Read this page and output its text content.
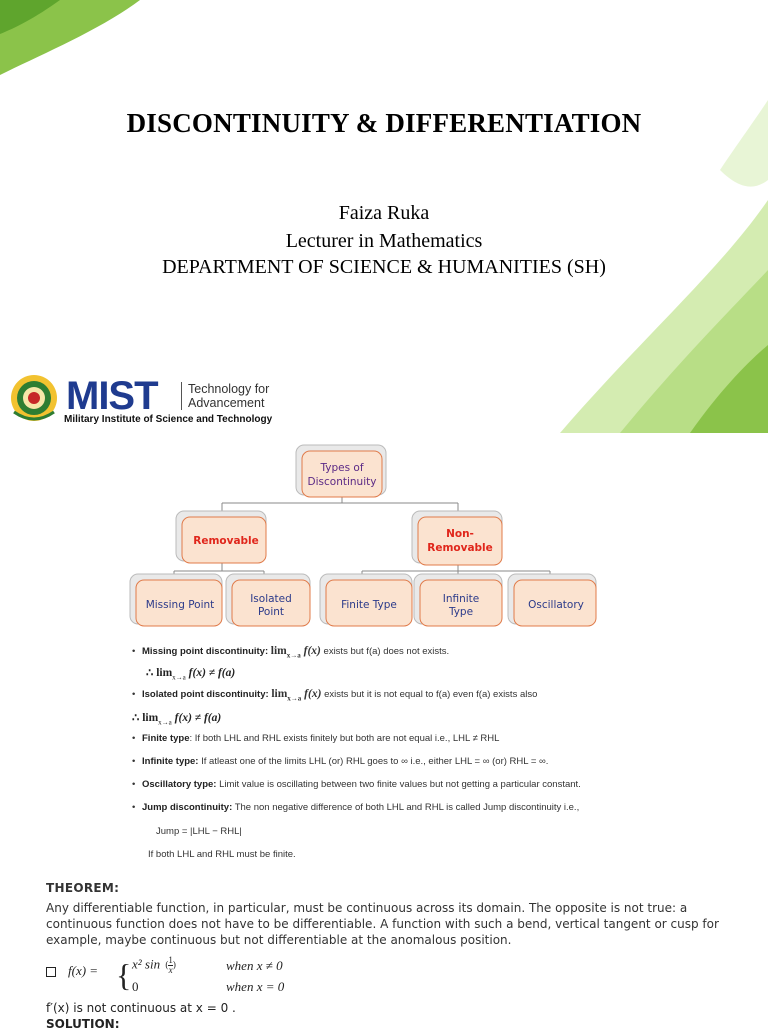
DISCONTINUITY & DIFFERENTIATION
Faiza Ruka
Lecturer in Mathematics
DEPARTMENT OF SCIENCE & HUMANITIES (SH)
MIST Technology for
Advancement
Military Institute of Science and Technology
Types of
Discontinuity
Removable
Non-
Removable
Missing Point	Isolated
Point
Finite Type	Infinite
Type
Oscillatory
• Missing point discontinuity: $\lim_{x\to a} f(x)$ exists but f(a) does not exists.
∴ $\lim_{x\to a} f(x) \ne f(a)$
• Isolated point discontinuity: $\lim_{x\to a} f(x)$ exists but it is not equal to f(a) even f(a) exists also
∴ $\lim_{x\to a} f(x) \ne f(a)$
• Finite type: If both LHL and RHL exists finitely but both are not equal i.e., LHL ≠ RHL
• Infinite type: If atleast one of the limits LHL (or) RHL goes to ∞ i.e., either LHL = ∞ (or) RHL = ∞.
• Oscillatory type: Limit value is oscillating between two finite values but not getting a particular constant.
• Jump discontinuity: The non negative difference of both LHL and RHL is called Jump discontinuity i.e.,
Jump = |LHL − RHL|
If both LHL and RHL must be finite.
THEOREM:
Any differentiable function, in particular, must be continuous across its domain. The opposite is not true: a continuous function does not have to be differentiable. A function with such a bend, vertical tangent or cusp for example, maybe continuous but not differentiable at the anomalous position.
f(x) = { x² sin ( $\frac{1}{x}$ )	when x ≠ 0
0	when x = 0
f′(x) is not continuous at x = 0 .
SOLUTION:
